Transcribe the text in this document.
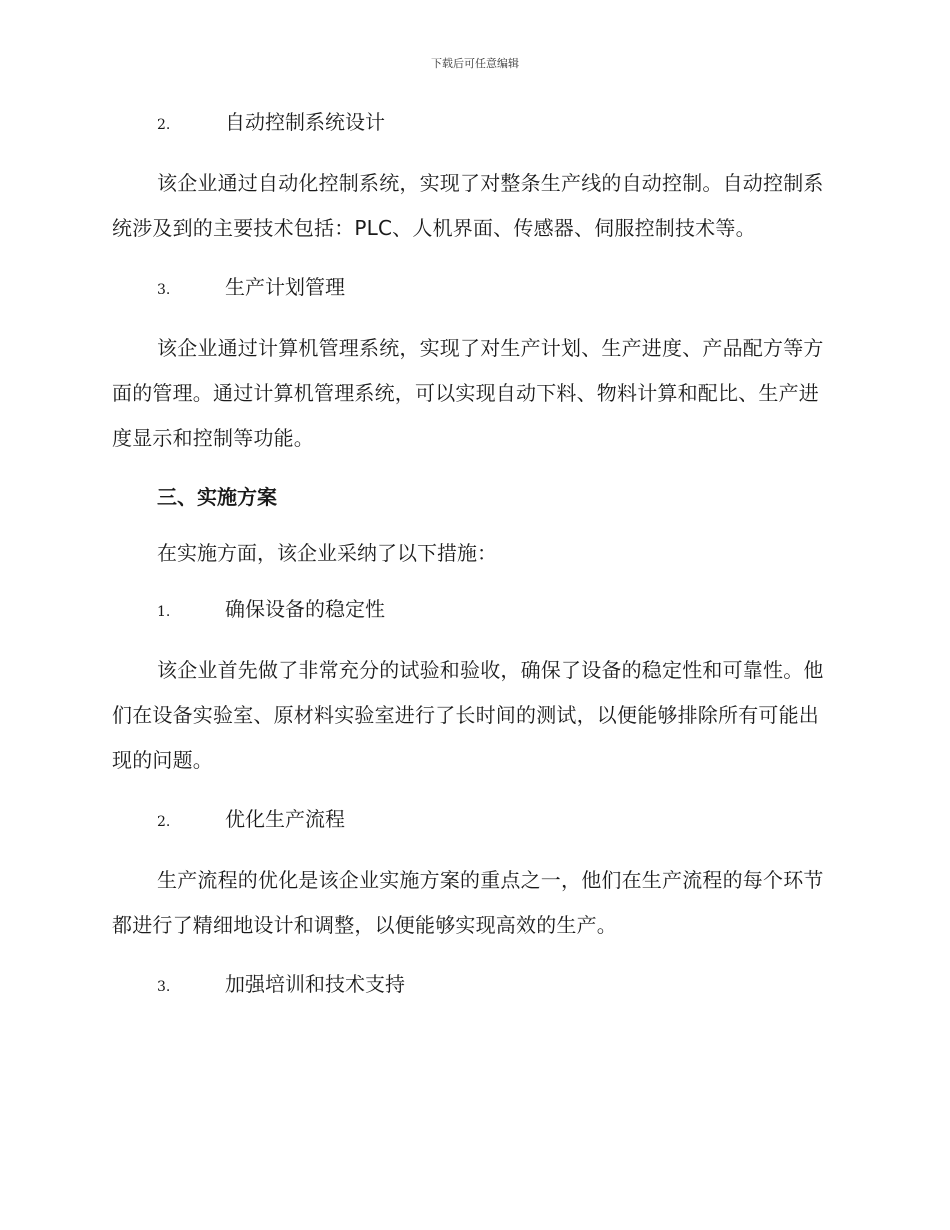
下载后可任意编辑
2.	自动控制系统设计

该企业通过自动化控制系统，实现了对整条生产线的自动控制。自动控制系统涉及到的主要技术包括：PLC、人机界面、传感器、伺服控制技术等。

3.	生产计划管理

该企业通过计算机管理系统，实现了对生产计划、生产进度、产品配方等方面的管理。通过计算机管理系统，可以实现自动下料、物料计算和配比、生产进度显示和控制等功能。

三、实施方案
在实施方面，该企业采纳了以下措施：
1.	确保设备的稳定性

该企业首先做了非常充分的试验和验收，确保了设备的稳定性和可靠性。他们在设备实验室、原材料实验室进行了长时间的测试，以便能够排除所有可能出现的问题。

2.	优化生产流程

生产流程的优化是该企业实施方案的重点之一，他们在生产流程的每个环节都进行了精细地设计和调整，以便能够实现高效的生产。

3.	加强培训和技术支持
